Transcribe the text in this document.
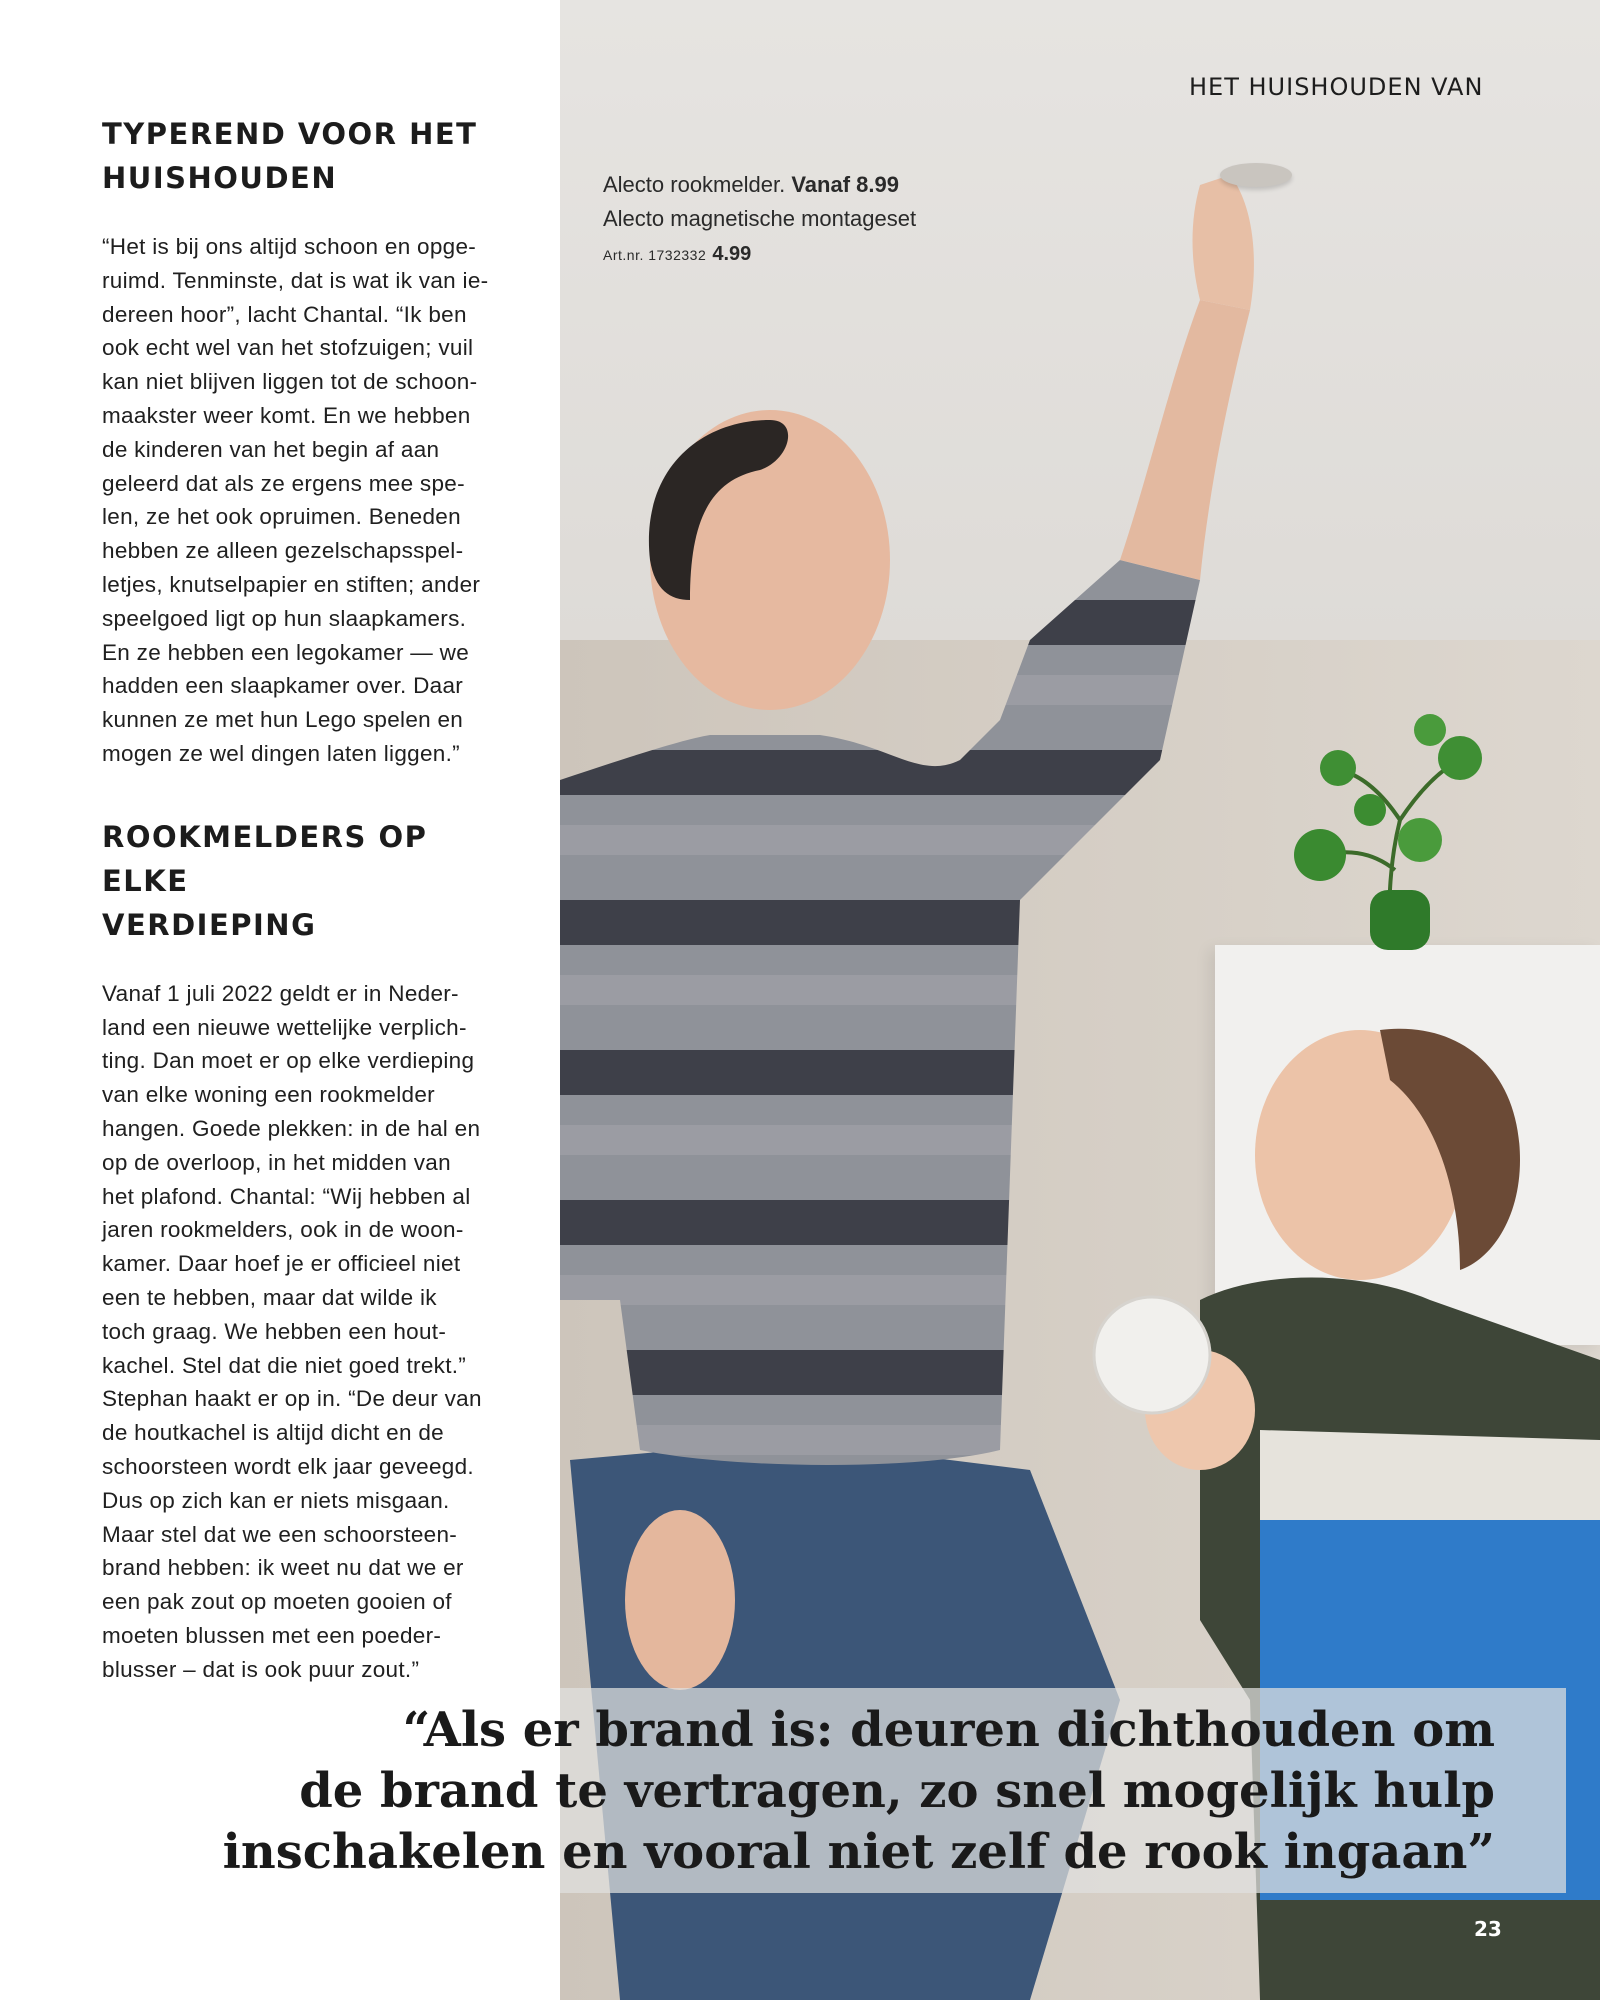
TYPEREND VOOR HET
HUISHOUDEN

“Het is bij ons altijd schoon en opge-
ruimd. Tenminste, dat is wat ik van ie-
dereen hoor”, lacht Chantal. “Ik ben
ook echt wel van het stofzuigen; vuil
kan niet blijven liggen tot de schoon-
maakster weer komt. En we hebben
de kinderen van het begin af aan
geleerd dat als ze ergens mee spe-
len, ze het ook opruimen. Beneden
hebben ze alleen gezelschapsspel-
letjes, knutselpapier en stiften; ander
speelgoed ligt op hun slaapkamers.
En ze hebben een legokamer — we
hadden een slaapkamer over. Daar
kunnen ze met hun Lego spelen en
mogen ze wel dingen laten liggen.”

ROOKMELDERS OP ELKE
VERDIEPING

Vanaf 1 juli 2022 geldt er in Neder-
land een nieuwe wettelijke verplich-
ting. Dan moet er op elke verdieping
van elke woning een rookmelder
hangen. Goede plekken: in de hal en
op de overloop, in het midden van
het plafond. Chantal: “Wij hebben al
jaren rookmelders, ook in de woon-
kamer. Daar hoef je er officieel niet
een te hebben, maar dat wilde ik
toch graag. We hebben een hout-
kachel. Stel dat die niet goed trekt.”
Stephan haakt er op in. “De deur van
de houtkachel is altijd dicht en de
schoorsteen wordt elk jaar geveegd.
Dus op zich kan er niets misgaan.
Maar stel dat we een schoorsteen-
brand hebben: ik weet nu dat we er
een pak zout op moeten gooien of
moeten blussen met een poeder-
blusser – dat is ook puur zout.”

HET HUISHOUDEN VAN
Alecto rookmelder. Vanaf 8.99
Alecto magnetische montageset
Art.nr. 1732332 4.99

“Als er brand is: deuren dichthouden om
de brand te vertragen, zo snel mogelijk hulp
inschakelen en vooral niet zelf de rook ingaan”

23
